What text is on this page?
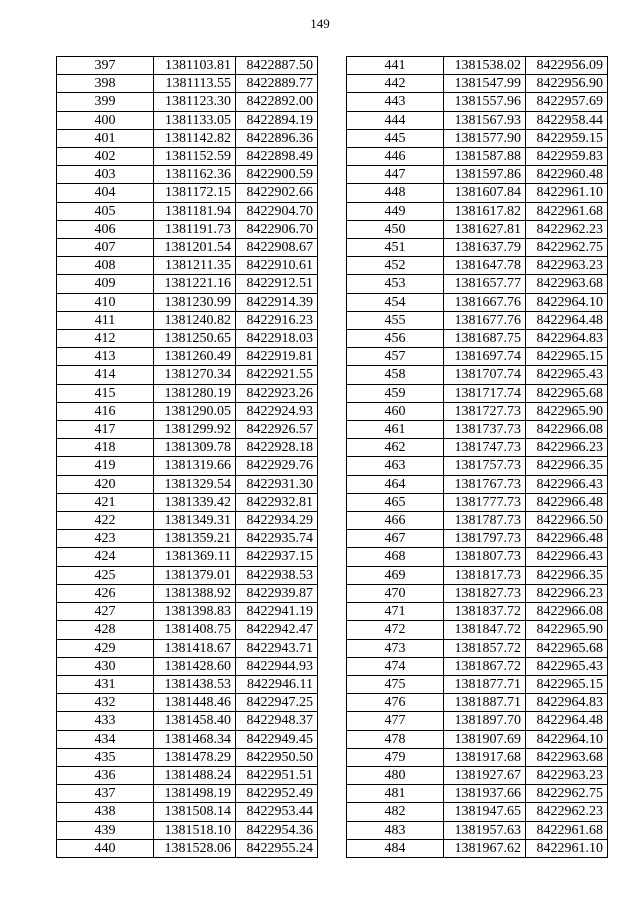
149
397	1381103.81	8422887.50
398	1381113.55	8422889.77
399	1381123.30	8422892.00
400	1381133.05	8422894.19
401	1381142.82	8422896.36
402	1381152.59	8422898.49
403	1381162.36	8422900.59
404	1381172.15	8422902.66
405	1381181.94	8422904.70
406	1381191.73	8422906.70
407	1381201.54	8422908.67
408	1381211.35	8422910.61
409	1381221.16	8422912.51
410	1381230.99	8422914.39
411	1381240.82	8422916.23
412	1381250.65	8422918.03
413	1381260.49	8422919.81
414	1381270.34	8422921.55
415	1381280.19	8422923.26
416	1381290.05	8422924.93
417	1381299.92	8422926.57
418	1381309.78	8422928.18
419	1381319.66	8422929.76
420	1381329.54	8422931.30
421	1381339.42	8422932.81
422	1381349.31	8422934.29
423	1381359.21	8422935.74
424	1381369.11	8422937.15
425	1381379.01	8422938.53
426	1381388.92	8422939.87
427	1381398.83	8422941.19
428	1381408.75	8422942.47
429	1381418.67	8422943.71
430	1381428.60	8422944.93
431	1381438.53	8422946.11
432	1381448.46	8422947.25
433	1381458.40	8422948.37
434	1381468.34	8422949.45
435	1381478.29	8422950.50
436	1381488.24	8422951.51
437	1381498.19	8422952.49
438	1381508.14	8422953.44
439	1381518.10	8422954.36
440	1381528.06	8422955.24
441	1381538.02	8422956.09
442	1381547.99	8422956.90
443	1381557.96	8422957.69
444	1381567.93	8422958.44
445	1381577.90	8422959.15
446	1381587.88	8422959.83
447	1381597.86	8422960.48
448	1381607.84	8422961.10
449	1381617.82	8422961.68
450	1381627.81	8422962.23
451	1381637.79	8422962.75
452	1381647.78	8422963.23
453	1381657.77	8422963.68
454	1381667.76	8422964.10
455	1381677.76	8422964.48
456	1381687.75	8422964.83
457	1381697.74	8422965.15
458	1381707.74	8422965.43
459	1381717.74	8422965.68
460	1381727.73	8422965.90
461	1381737.73	8422966.08
462	1381747.73	8422966.23
463	1381757.73	8422966.35
464	1381767.73	8422966.43
465	1381777.73	8422966.48
466	1381787.73	8422966.50
467	1381797.73	8422966.48
468	1381807.73	8422966.43
469	1381817.73	8422966.35
470	1381827.73	8422966.23
471	1381837.72	8422966.08
472	1381847.72	8422965.90
473	1381857.72	8422965.68
474	1381867.72	8422965.43
475	1381877.71	8422965.15
476	1381887.71	8422964.83
477	1381897.70	8422964.48
478	1381907.69	8422964.10
479	1381917.68	8422963.68
480	1381927.67	8422963.23
481	1381937.66	8422962.75
482	1381947.65	8422962.23
483	1381957.63	8422961.68
484	1381967.62	8422961.10
